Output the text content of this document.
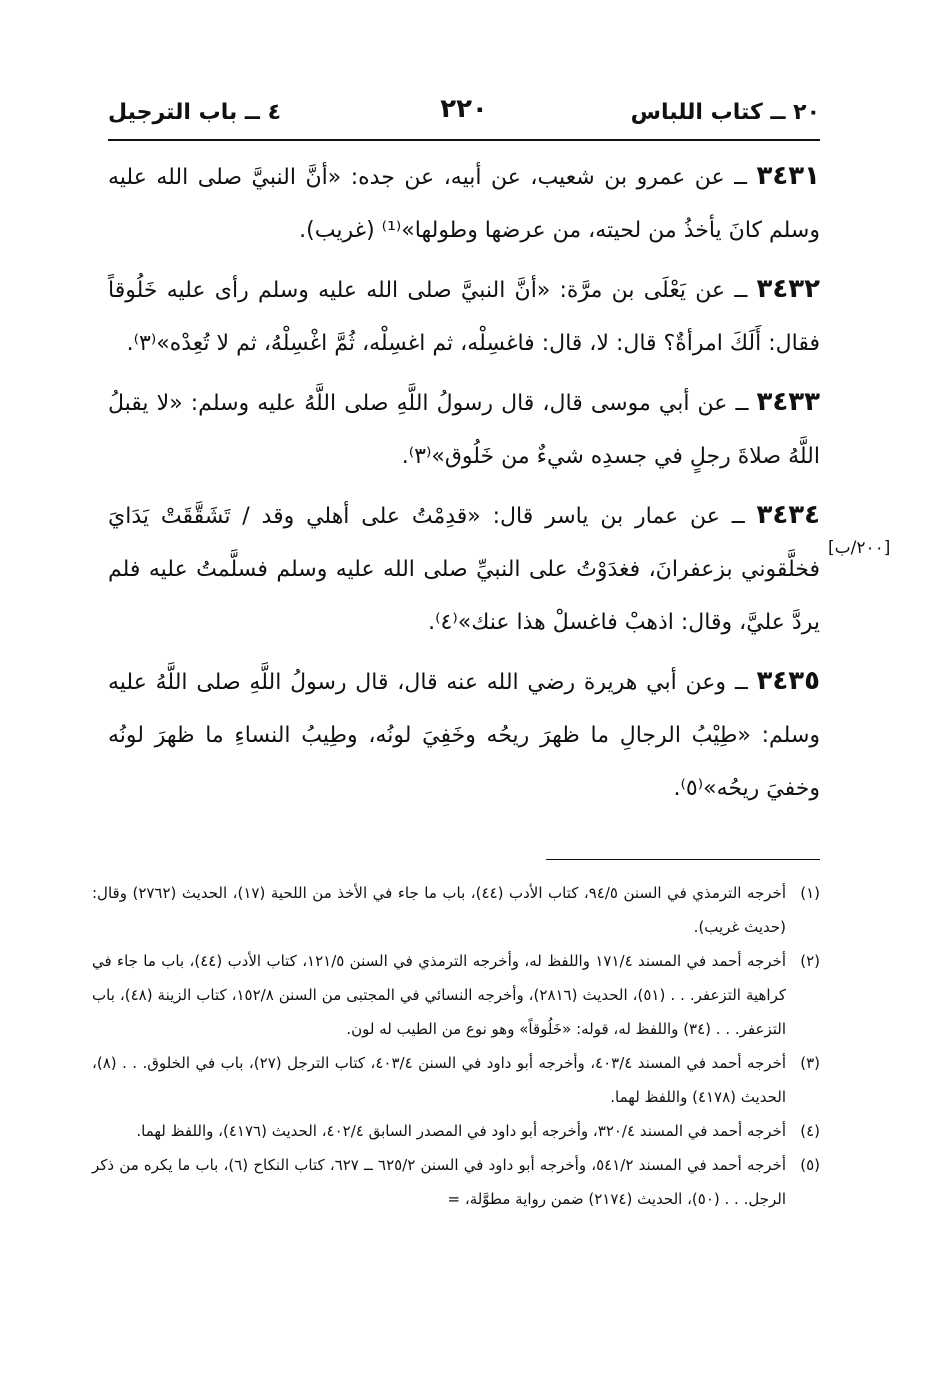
٢٠ ــ كتاب اللباس
٢٢٠
٤ ــ باب الترجيل
[٢٠٠/ب]

٣٤٣١ ــ عن عمرو بن شعيب، عن أبيه، عن جده: «أنَّ النبيَّ صلى الله عليه وسلم كانَ يأخذُ من لحيته، من عرضها وطولها»⁽¹⁾ (غريب).

٣٤٣٢ ــ عن يَعْلَى بن مرَّة: «أنَّ النبيَّ صلى الله عليه وسلم رأى عليه خَلُوقاً فقال: أَلَكَ امرأةٌ؟ قال: لا، قال: فاغسِلْه، ثم اغسِلْه، ثُمَّ اغْسِلْهُ، ثم لا تُعِدْه»⁽٣⁾.

٣٤٣٣ ــ عن أبي موسى قال، قال رسولُ اللَّهِ صلى اللَّهُ عليه وسلم: «لا يقبلُ اللَّهُ صلاةَ رجلٍ في جسدِه شيءٌ من خَلُوق»⁽٣⁾.

٣٤٣٤ ــ عن عمار بن ياسر قال: «قدِمْتُ على أهلي وقد / تَشَقَّقَتْ يَدَايَ فخلَّقوني بزعفرانَ، فغدَوْتُ على النبيِّ صلى الله عليه وسلم فسلَّمتُ عليه فلم يردَّ عليَّ، وقال: اذهبْ فاغسلْ هذا عنك»⁽٤⁾.

٣٤٣٥ ــ وعن أبي هريرة رضي الله عنه قال، قال رسولُ اللَّهِ صلى اللَّهُ عليه وسلم: «طِيْبُ الرجالِ ما ظهرَ ريحُه وخَفِيَ لونُه، وطِيبُ النساءِ ما ظهرَ لونُه وخفيَ ريحُه»⁽٥⁾.

(١)
أخرجه الترمذي في السنن ٩٤/٥، كتاب الأدب (٤٤)، باب ما جاء في الأخذ من اللحية (١٧)، الحديث (٢٧٦٢) وقال: (حديث غريب).

(٢)
أخرجه أحمد في المسند ١٧١/٤ واللفظ له، وأخرجه الترمذي في السنن ١٢١/٥، كتاب الأدب (٤٤)، باب ما جاء في كراهية التزعفر. . . (٥١)، الحديث (٢٨١٦)، وأخرجه النسائي في المجتبى من السنن ١٥٢/٨، كتاب الزينة (٤٨)، باب التزعفر. . . (٣٤) واللفظ له، قوله: «خَلُوقاً» وهو نوع من الطيب له لون.

(٣)
أخرجه أحمد في المسند ٤٠٣/٤، وأخرجه أبو داود في السنن ٤٠٣/٤، كتاب الترجل (٢٧)، باب في الخلوق. . . (٨)، الحديث (٤١٧٨) واللفظ لهما.

(٤)
أخرجه أحمد في المسند ٣٢٠/٤، وأخرجه أبو داود في المصدر السابق ٤٠٢/٤، الحديث (٤١٧٦)، واللفظ لهما.

(٥)
أخرجه أحمد في المسند ٥٤١/٢، وأخرجه أبو داود في السنن ٦٢٥/٢ ــ ٦٢٧، كتاب النكاح (٦)، باب ما يكره من ذكر الرجل. . . (٥٠)، الحديث (٢١٧٤) ضمن رواية مطوَّلة، =
